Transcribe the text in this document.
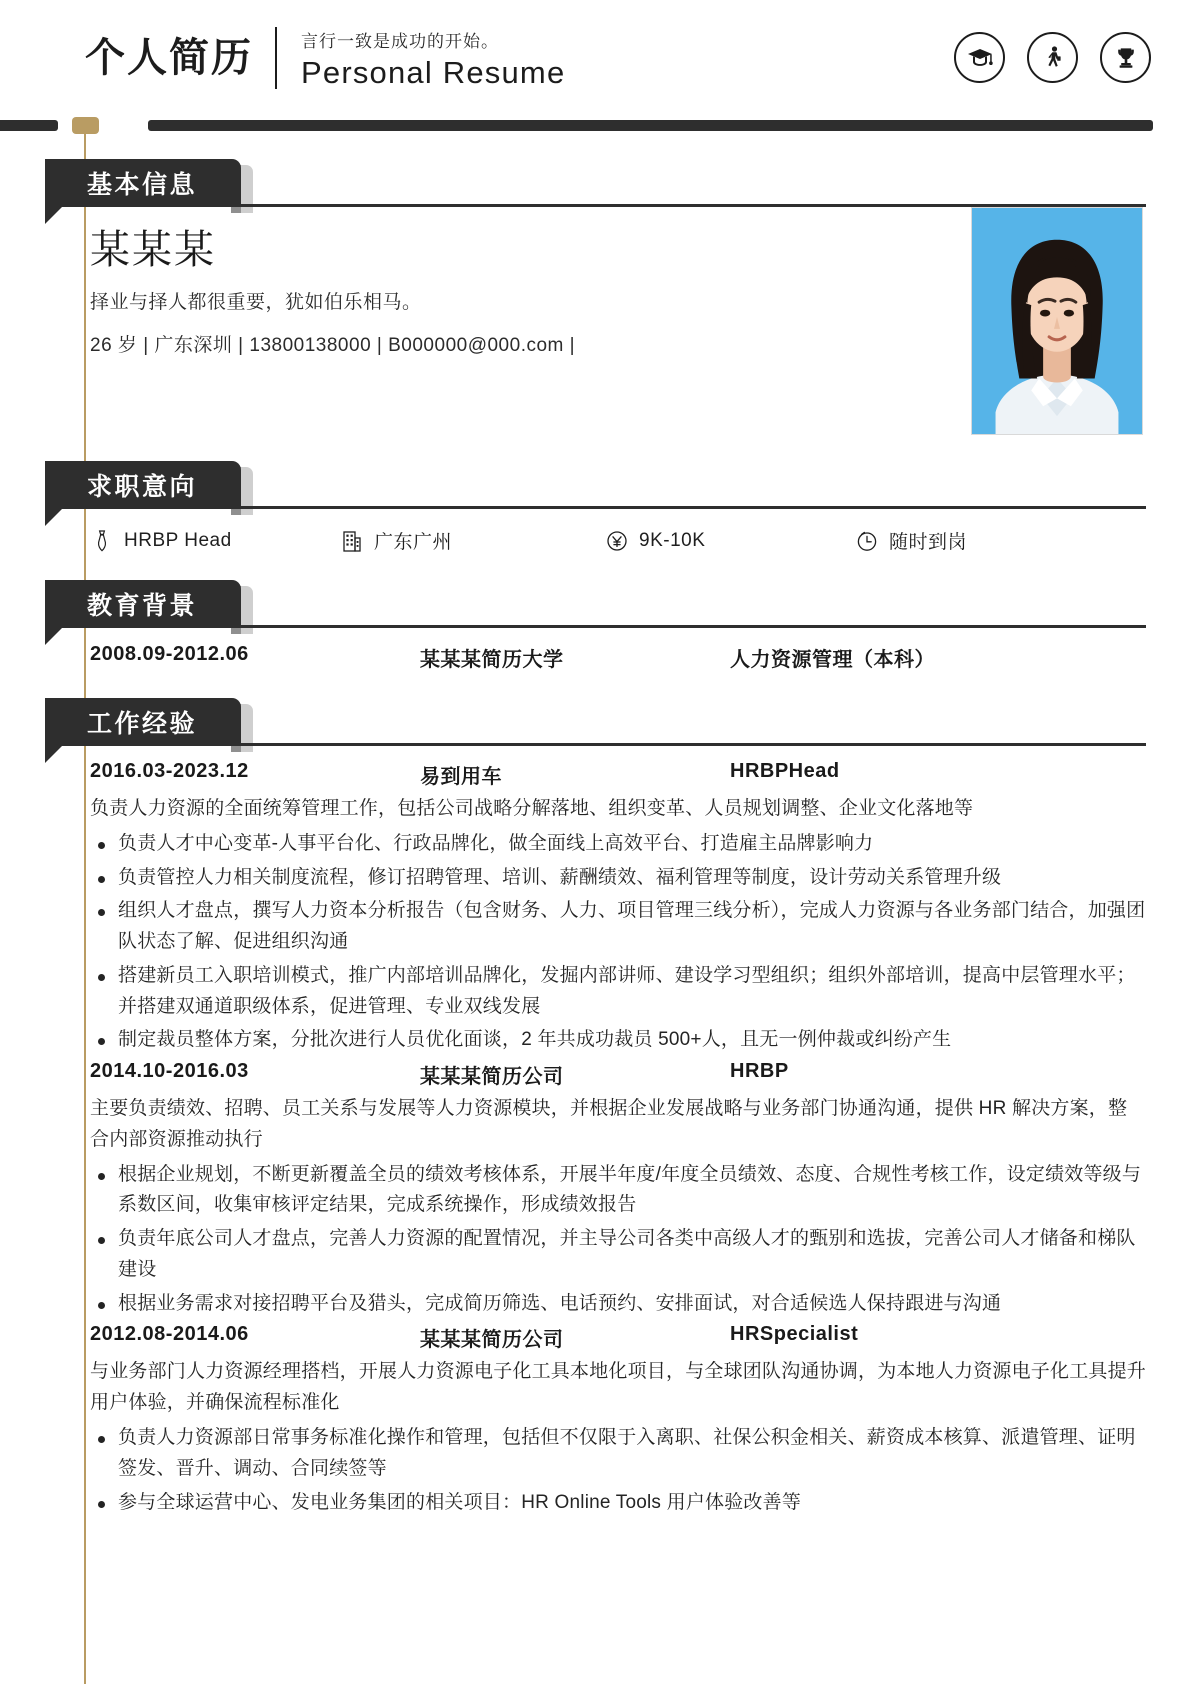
个人简历	言行一致是成功的开始。
Personal Resume
基本信息
某某某
择业与择人都很重要，犹如伯乐相马。
26 岁 | 广东深圳 | 13800138000 | B000000@000.com |
求职意向
HRBP Head	广东广州	9K-10K	随时到岗
教育背景
2008.09-2012.06	某某某简历大学	人力资源管理（本科）
工作经验
2016.03-2023.12	易到用车	HRBPHead
负责人力资源的全面统筹管理工作，包括公司战略分解落地、组织变革、人员规划调整、企业文化落地等
负责人才中心变革-人事平台化、行政品牌化，做全面线上高效平台、打造雇主品牌影响力
负责管控人力相关制度流程，修订招聘管理、培训、薪酬绩效、福利管理等制度，设计劳动关系管理升级
组织人才盘点，撰写人力资本分析报告（包含财务、人力、项目管理三线分析），完成人力资源与各业务部门结合，加强团队状态了解、促进组织沟通
搭建新员工入职培训模式，推广内部培训品牌化，发掘内部讲师、建设学习型组织；组织外部培训，提高中层管理水平；并搭建双通道职级体系，促进管理、专业双线发展
制定裁员整体方案，分批次进行人员优化面谈，2 年共成功裁员 500+人，且无一例仲裁或纠纷产生
2014.10-2016.03	某某某简历公司	HRBP
主要负责绩效、招聘、员工关系与发展等人力资源模块，并根据企业发展战略与业务部门协通沟通，提供 HR 解决方案，整合内部资源推动执行
根据企业规划，不断更新覆盖全员的绩效考核体系，开展半年度/年度全员绩效、态度、合规性考核工作，设定绩效等级与系数区间，收集审核评定结果，完成系统操作，形成绩效报告
负责年底公司人才盘点，完善人力资源的配置情况，并主导公司各类中高级人才的甄别和选拔，完善公司人才储备和梯队建设
根据业务需求对接招聘平台及猎头，完成简历筛选、电话预约、安排面试，对合适候选人保持跟进与沟通
2012.08-2014.06	某某某简历公司	HRSpecialist
与业务部门人力资源经理搭档，开展人力资源电子化工具本地化项目，与全球团队沟通协调，为本地人力资源电子化工具提升用户体验，并确保流程标准化
负责人力资源部日常事务标准化操作和管理，包括但不仅限于入离职、社保公积金相关、薪资成本核算、派遣管理、证明签发、晋升、调动、合同续签等
参与全球运营中心、发电业务集团的相关项目：HR Online Tools 用户体验改善等
